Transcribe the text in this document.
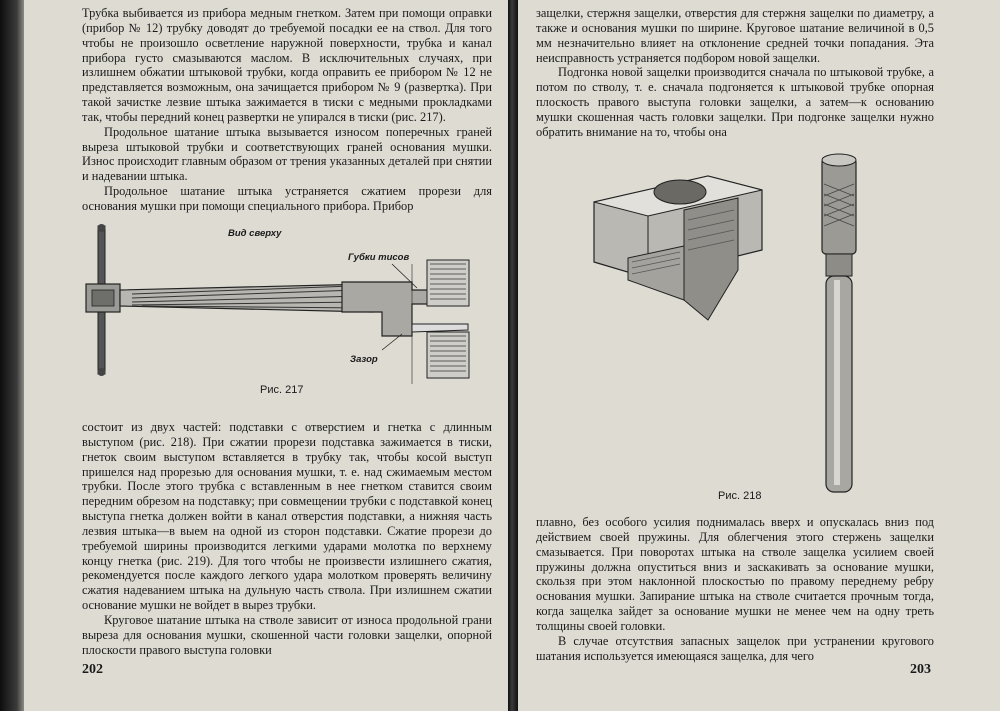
Трубка выбивается из прибора медным гнетком. Затем при помощи оправки (прибор № 12) трубку доводят до требуемой посадки ее на ствол. Для того чтобы не произошло осветление наружной поверхности, трубка и канал прибора густо смазываются маслом. В исключительных случаях, при излишнем обжатии штыковой трубки, когда оправить ее прибором № 12 не представляется возможным, она зачищается прибором № 9 (развертка). При такой зачистке лезвие штыка зажимается в тиски с медными прокладками так, чтобы передний конец развертки не упирался в тиски (рис. 217).

Продольное шатание штыка вызывается износом поперечных граней выреза штыковой трубки и соответствующих граней основания мушки. Износ происходит главным образом от трения указанных деталей при снятии и надевании штыка.

Продольное шатание штыка устраняется сжатием прорези для основания мушки при помощи специального прибора. Прибор

Вид сверху
Губки тисов
Зазор
Рис. 217

состоит из двух частей: подставки с отверстием и гнетка с длинным выступом (рис. 218). При сжатии прорези подставка зажимается в тиски, гнеток своим выступом вставляется в трубку так, чтобы косой выступ пришелся над прорезью для основания мушки, т. е. над сжимаемым местом трубки. После этого трубка с вставленным в нее гнетком ставится своим передним обрезом на подставку; при совмещении трубки с подставкой конец выступа гнетка должен войти в канал отверстия подставки, а нижняя часть лезвия штыка—в выем на одной из сторон подставки. Сжатие прорези до требуемой ширины производится легкими ударами молотка по верхнему концу гнетка (рис. 219). Для того чтобы не произвести излишнего сжатия, рекомендуется после каждого легкого удара молотком проверять величину сжатия надеванием штыка на дульную часть ствола. При излишнем сжатии основание мушки не войдет в вырез трубки.

Круговое шатание штыка на стволе зависит от износа продольной грани выреза для основания мушки, скошенной части головки защелки, опорной плоскости правого выступа головки

202

защелки, стержня защелки, отверстия для стержня защелки по диаметру, а также и основания мушки по ширине. Круговое шатание величиной в 0,5 мм незначительно влияет на отклонение средней точки попадания. Эта неисправность устраняется подбором новой защелки.

Подгонка новой защелки производится сначала по штыковой трубке, а потом по стволу, т. е. сначала подгоняется к штыковой трубке опорная плоскость правого выступа головки защелки, а затем—к основанию мушки скошенная часть головки защелки. При подгонке защелки нужно обратить внимание на то, чтобы она

Рис. 218

плавно, без особого усилия поднималась вверх и опускалась вниз под действием своей пружины. Для облегчения этого стержень защелки смазывается. При поворотах штыка на стволе защелка усилием своей пружины должна опуститься вниз и заскакивать за основание мушки, скользя при этом наклонной плоскостью по правому переднему ребру основания мушки. Запирание штыка на стволе считается прочным тогда, когда защелка зайдет за основание мушки не менее чем на одну треть толщины своей головки.

В случае отсутствия запасных защелок при устранении кругового шатания используется имеющаяся защелка, для чего

203
